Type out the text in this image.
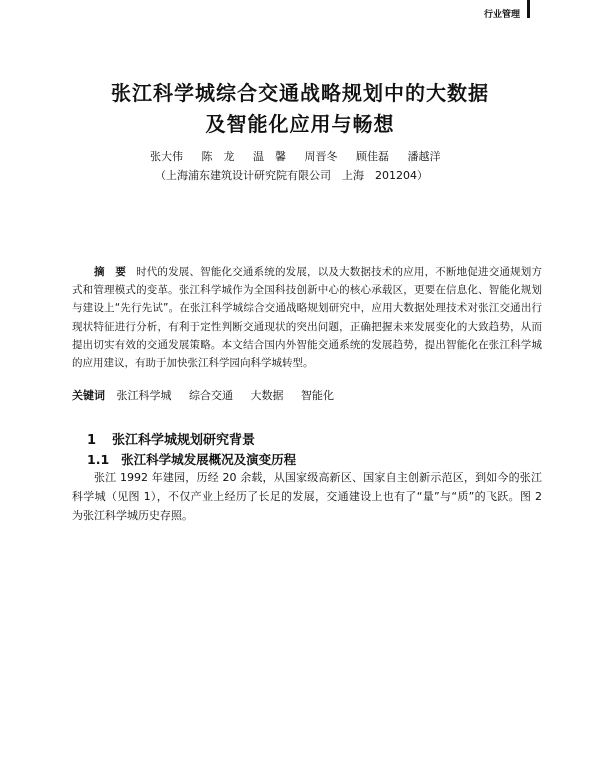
行业管理
张江科学城综合交通战略规划中的大数据
及智能化应用与畅想
张大伟 陈　龙 温　馨 周晋冬 顾佳磊 潘越洋
（上海浦东建筑设计研究院有限公司　上海　201204）
摘　要 时代的发展、智能化交通系统的发展，以及大数据技术的应用，不断地促进交通规划方式和管理模式的变革。张江科学城作为全国科技创新中心的核心承载区，更要在信息化、智能化规划与建设上“先行先试”。在张江科学城综合交通战略规划研究中，应用大数据处理技术对张江交通出行现状特征进行分析，有利于定性判断交通现状的突出问题，正确把握未来发展变化的大致趋势，从而提出切实有效的交通发展策略。本文结合国内外智能交通系统的发展趋势，提出智能化在张江科学城的应用建议，有助于加快张江科学园向科学城转型。
关键词 张江科学城 综合交通 大数据 智能化
1 张江科学城规划研究背景
1.1 张江科学城发展概况及演变历程
张江 1992 年建园，历经 20 余载，从国家级高新区、国家自主创新示范区，到如今的张江科学城（见图 1），不仅产业上经历了长足的发展，交通建设上也有了“量”与“质”的飞跃。图 2 为张江科学城历史存照。
